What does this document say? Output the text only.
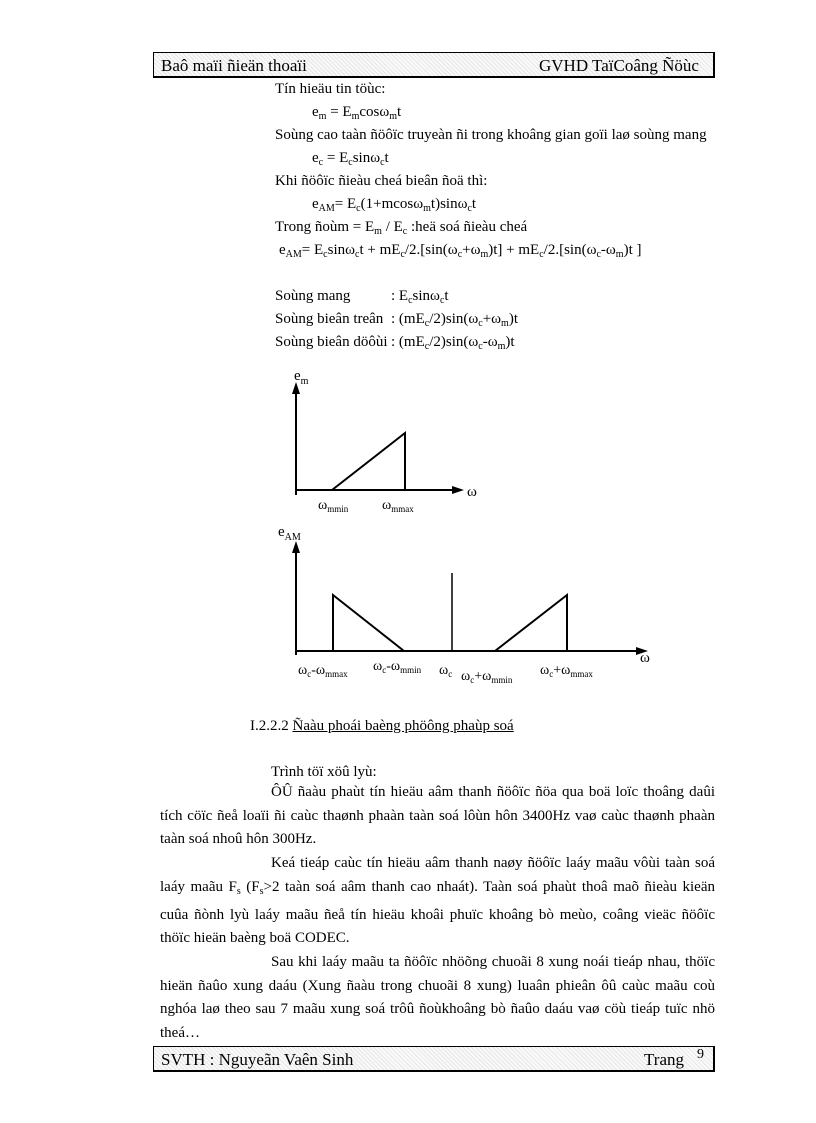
Baô maïi ñieän thoaïi	GVHD TaïCoâng Ñöùc
Tín hieäu tin töùc:
$e_m = E_m\cos\omega_mt$
Soùng cao taàn ñöôïc truyeàn ñi trong khoâng gian goïi laø soùng mang
$e_c = E_c\sin\omega_ct$
Khi ñöôïc ñieàu cheá bieân ñoä thì:
$e_{AM}= E_c(1+mcos\omega_mt)\sin\omega_ct$
Trong ñoùm = $E_m / E_c$ :heä soá ñieàu cheá
$e_{AM}= E_c\sin\omega_ct + mE_c/2.[\sin(\omega_c+\omega_m)t] + mE_c/2.[\sin(\omega_c-\omega_m)t$ ]
Soùng mang	: $E_c\sin\omega_ct$
Soùng bieân treân : $(mE_c/2)\sin(\omega_c+\omega_m)t$
Soùng bieân döôùi : $(mE_c/2)\sin(\omega_c-\omega_m)t$
$e_m$
ω
$\omega_{mmin}$ $\omega_{mmax}$
$e_{AM}$
ω
$\omega_c-\omega_{mmax}$ $\omega_c-\omega_{mmin}$ $\omega_c$ $\omega_c+\omega_{mmin}$
$\omega_c+\omega_{mmax}$
I.2.2.2 Ñaàu phoái baèng phöông phaùp soá
Trình töï xöû lyù:

ÔÛ ñaàu phaùt tín hieäu aâm thanh ñöôïc ñöa qua boä loïc thoâng daûi tích cöïc ñeå loaïi ñi caùc thaønh phaàn taàn soá lôùn hôn 3400Hz vaø caùc thaønh phaàn taàn soá nhoû hôn 300Hz.

Keá tieáp caùc tín hieäu aâm thanh naøy ñöôïc laáy maãu vôùi taàn soá laáy maãu $F_s$ ($F_s>2$ taàn soá aâm thanh cao nhaát). Taàn soá phaùt thoâ maõ ñieàu kieän cuûa ñònh lyù laáy maãu ñeå tín hieäu khoâi phuïc khoâng bò meùo, coâng vieäc ñöôïc thöïc hieän baèng boä CODEC.

Sau khi laáy maãu ta ñöôïc nhöõng chuoãi 8 xung noái tieáp nhau, thöïc hieän ñaûo xung daáu (Xung ñaàu trong chuoãi 8 xung) luaân phieân ôû caùc maãu coù nghóa laø theo sau 7 maãu xung soá trôû ñoùkhoâng bò ñaûo daáu vaø cöù tieáp tuïc nhö theá…

SVTH : Nguyeãn Vaên Sinh	Trang 9
